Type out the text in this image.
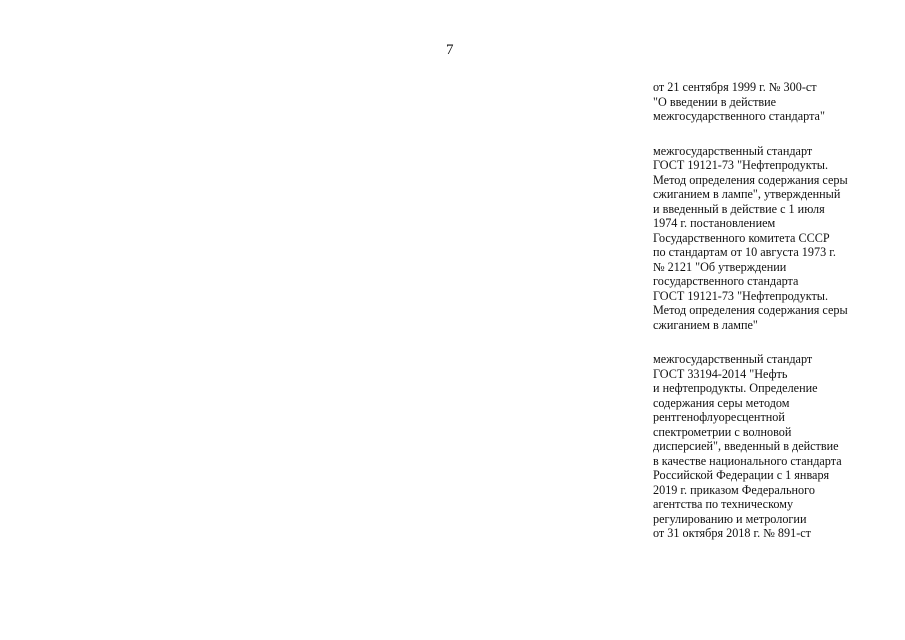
7

от 21 сентября 1999 г. № 300-ст
"О введении в действие
межгосударственного стандарта"

межгосударственный стандарт
ГОСТ 19121-73 "Нефтепродукты.
Метод определения содержания серы
сжиганием в лампе", утвержденный
и введенный в действие с 1 июля
1974 г. постановлением
Государственного комитета СССР
по стандартам от 10 августа 1973 г.
№ 2121 "Об утверждении
государственного стандарта
ГОСТ 19121-73 "Нефтепродукты.
Метод определения содержания серы
сжиганием в лампе"

межгосударственный стандарт
ГОСТ 33194-2014 "Нефть
и нефтепродукты. Определение
содержания серы методом
рентгенофлуоресцентной
спектрометрии с волновой
дисперсией", введенный в действие
в качестве национального стандарта
Российской Федерации с 1 января
2019 г. приказом Федерального
агентства по техническому
регулированию и метрологии
от 31 октября 2018 г. № 891-ст
